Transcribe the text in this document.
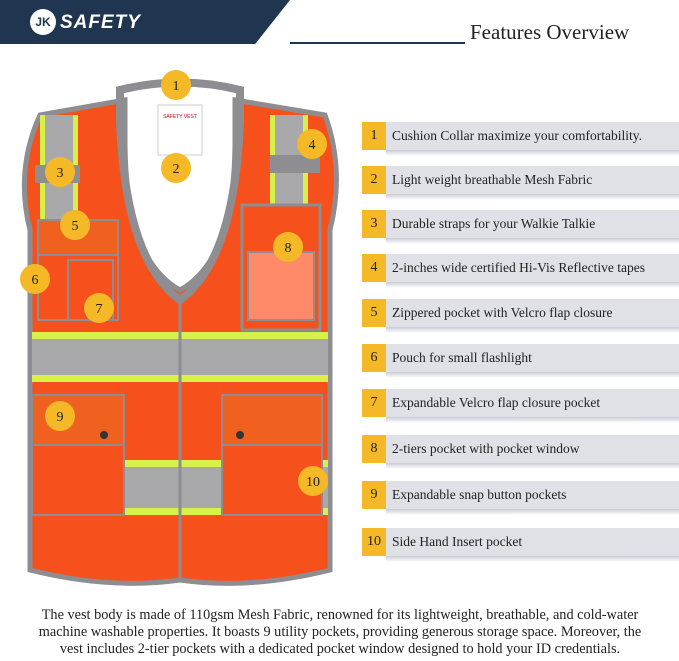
JK SAFETY	Features Overview
SAFETY VEST
1
2
3
4
5
6
7
8
9
10
1	Cushion Collar maximize your comfortability.
2	Light weight breathable Mesh Fabric
3	Durable straps for your Walkie Talkie
4	2-inches wide certified Hi-Vis Reflective tapes
5	Zippered pocket with Velcro flap closure
6	Pouch for small flashlight
7	Expandable Velcro flap closure pocket
8	2-tiers pocket with pocket window
9	Expandable snap button pockets
10 Side Hand Insert pocket
The vest body is made of 110gsm Mesh Fabric, renowned for its lightweight, breathable, and cold-water
machine washable properties. It boasts 9 utility pockets, providing generous storage space. Moreover, the
vest includes 2-tier pockets with a dedicated pocket window designed to hold your ID credentials.
